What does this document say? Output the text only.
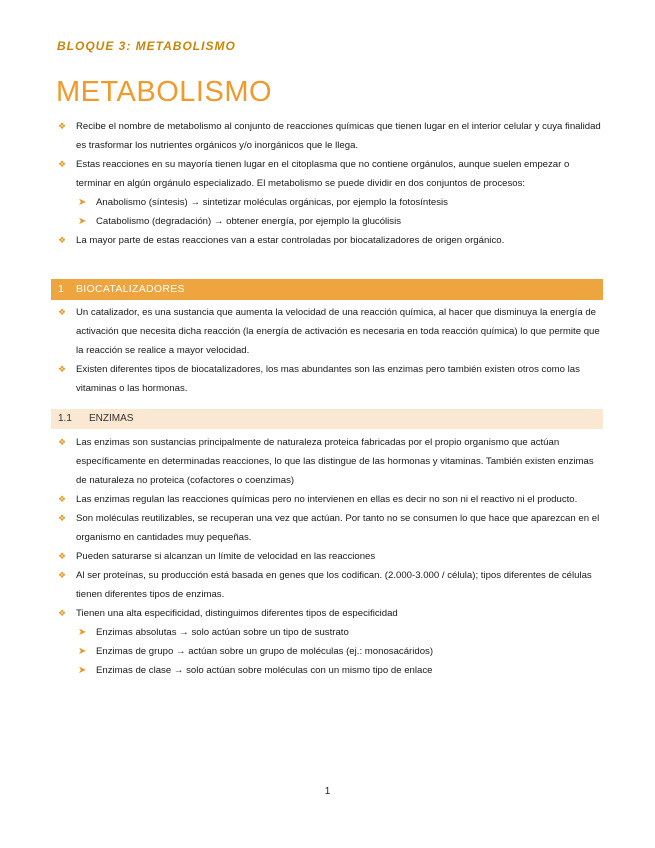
BLOQUE 3: METABOLISMO
METABOLISMO
❖ Recibe el nombre de metabolismo al conjunto de reacciones químicas que tienen lugar en el interior celular y cuya finalidad es trasformar los nutrientes orgánicos y/o inorgánicos que le llega.
❖ Estas reacciones en su mayoría tienen lugar en el citoplasma que no contiene orgánulos, aunque suelen empezar o terminar en algún orgánulo especializado. El metabolismo se puede dividir en dos conjuntos de procesos:
➤ Anabolismo (síntesis) → sintetizar moléculas orgánicas, por ejemplo la fotosíntesis
➤ Catabolismo (degradación) → obtener energía, por ejemplo la glucólisis
❖ La mayor parte de estas reacciones van a estar controladas por biocatalizadores de origen orgánico.
1 BIOCATALIZADORES
❖ Un catalizador, es una sustancia que aumenta la velocidad de una reacción química, al hacer que disminuya la energía de activación que necesita dicha reacción (la energía de activación es necesaria en toda reacción química) lo que permite que la reacción se realice a mayor velocidad.
❖ Existen diferentes tipos de biocatalizadores, los mas abundantes son las enzimas pero también existen otros como las vitaminas o las hormonas.
1.1 ENZIMAS
❖ Las enzimas son sustancias principalmente de naturaleza proteica fabricadas por el propio organismo que actúan específicamente en determinadas reacciones, lo que las distingue de las hormonas y vitaminas. También existen enzimas de naturaleza no proteica (cofactores o coenzimas)
❖ Las enzimas regulan las reacciones químicas pero no intervienen en ellas es decir no son ni el reactivo ni el producto.
❖ Son moléculas reutilizables, se recuperan una vez que actúan. Por tanto no se consumen lo que hace que aparezcan en el organismo en cantidades muy pequeñas.
❖ Pueden saturarse si alcanzan un límite de velocidad en las reacciones
❖ Al ser proteínas, su producción está basada en genes que los codifican. (2.000-3.000 / célula); tipos diferentes de células tienen diferentes tipos de enzimas.
❖ Tienen una alta especificidad, distinguimos diferentes tipos de especificidad
➤ Enzimas absolutas → solo actúan sobre un tipo de sustrato
➤ Enzimas de grupo → actúan sobre un grupo de moléculas (ej.: monosacáridos)
➤ Enzimas de clase → solo actúan sobre moléculas con un mismo tipo de enlace
1
